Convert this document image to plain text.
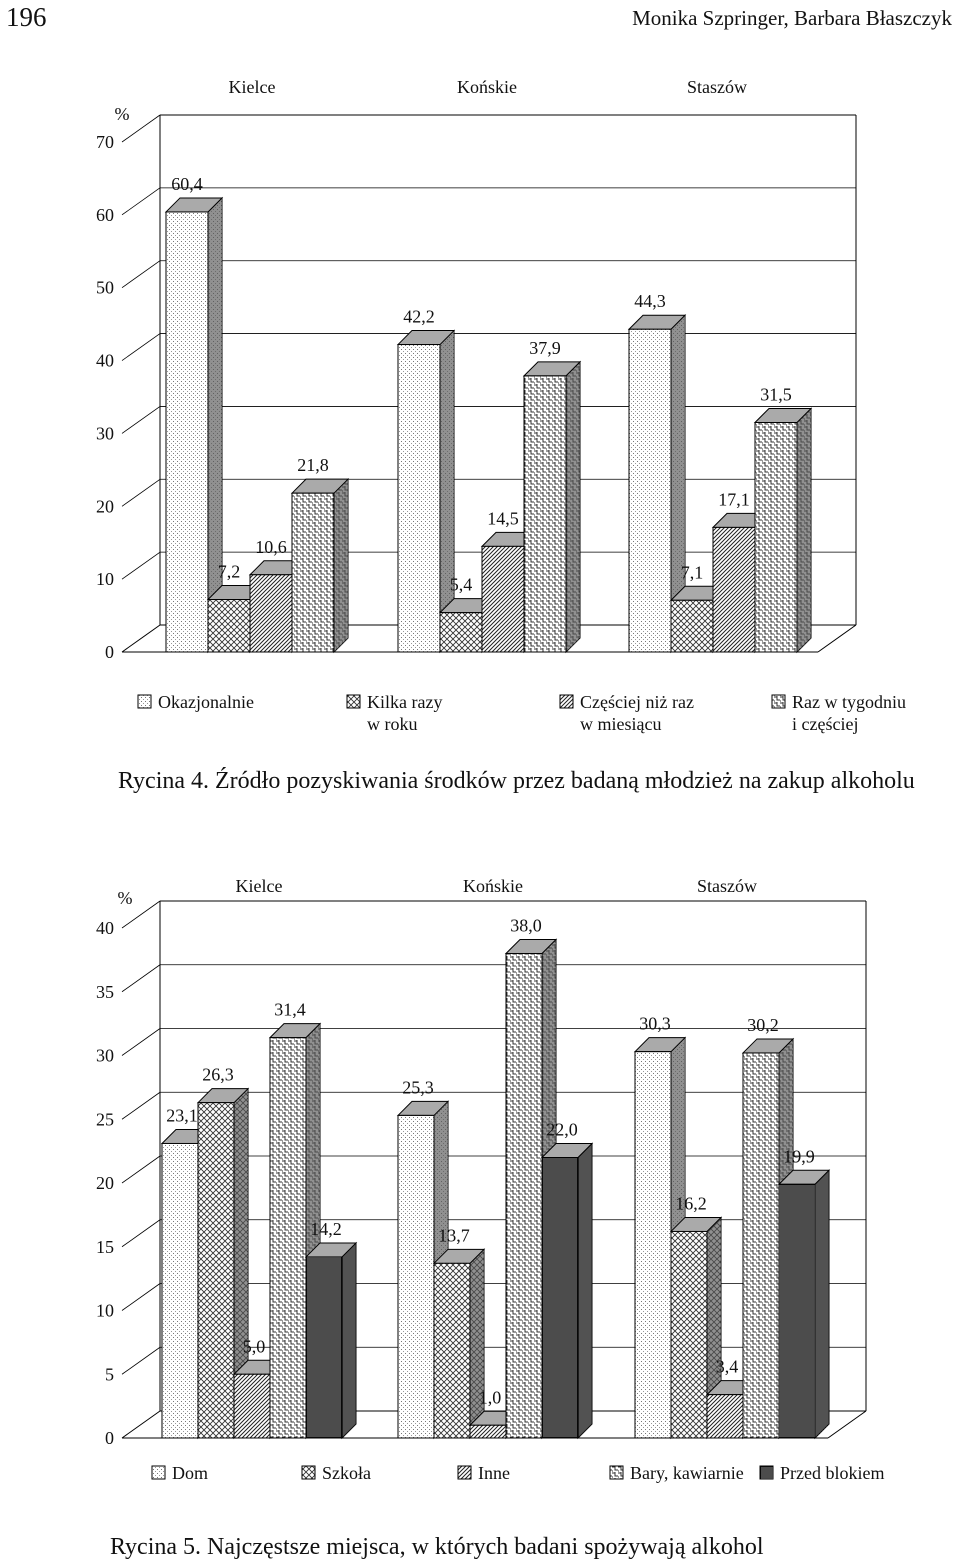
196	Monika Szpringer, Barbara Błaszczyk
0
10
20
30
40
50
60
70
%
Kielce	Końskie	Staszów
60,4
7,2
10,6
21,8
42,2
5,4
14,5
37,9
44,3
7,1
17,1
31,5
Okazjonalnie	Kilka razy
w roku
Częściej niż raz
w miesiącu
Raz w tygodniu
i częściej
Rycina 4. Źródło pozyskiwania środków przez badaną młodzież na zakup alkoholu
0
5
10
15
20
25
30
35
40
%
Kielce	Końskie	Staszów
23,1
26,3
5,0
31,4
14,2
25,3
13,7
1,0
38,0
22,0
30,3
16,2
3,4
30,2
19,9
Dom	Szkoła	Inne	Bary, kawiarnie Przed blokiem
Rycina 5. Najczęstsze miejsca, w których badani spożywają alkohol
